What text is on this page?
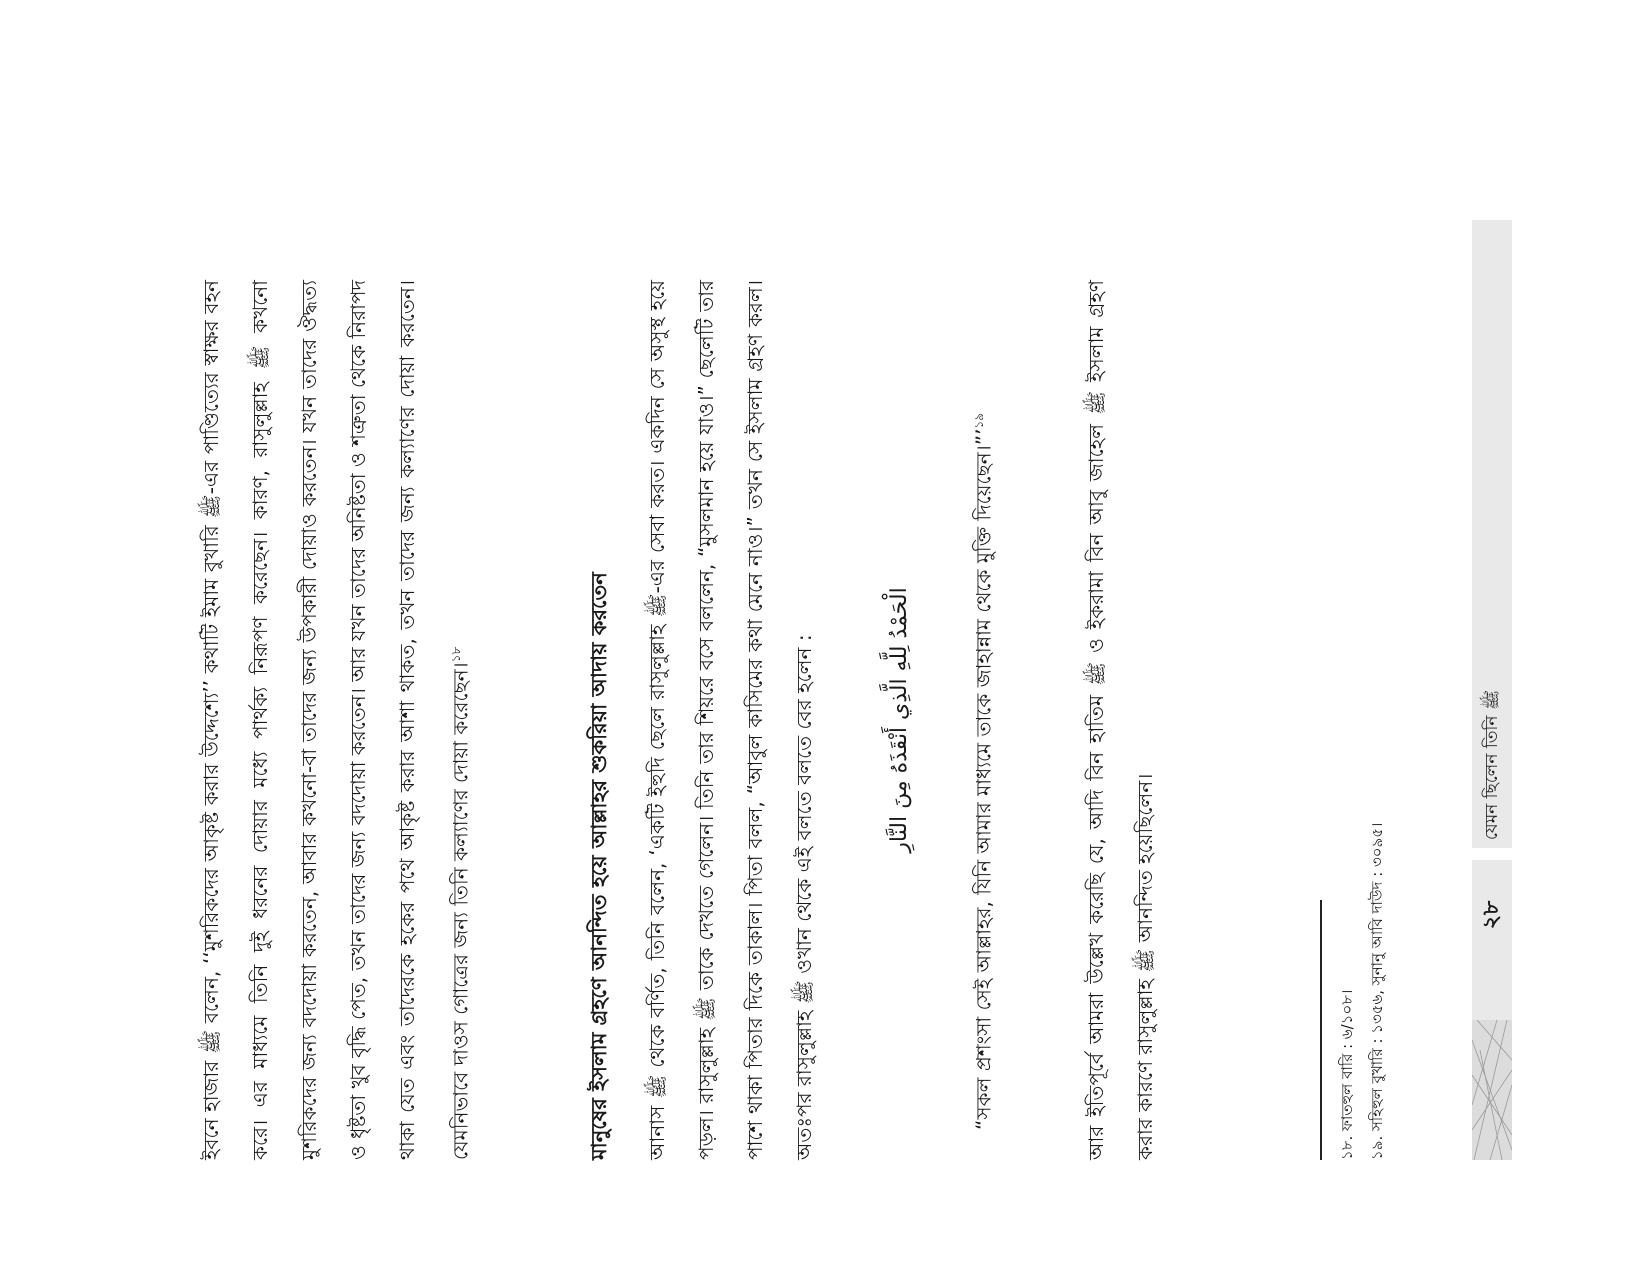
ইবনে হাজার ﷺ বলেন, ‘‘মুশরিকদের আকৃষ্ট করার উদ্দেশ্যে’’ কথাটি ইমাম বুখারি ﷺ-এর পাণ্ডিত্যের স্বাক্ষর বহন করে। এর মাধ্যমে তিনি দুই ধরনের দোয়ার মধ্যে পার্থক্য নিরূপণ করেছেন। কারণ, রাসুলুল্লাহ ﷺ কখনো মুশরিকদের জন্য বদদোয়া করতেন, আবার কখনো-বা তাদের জন্য উপকারী দোয়াও করতেন। যখন তাদের ঔদ্ধত্য ও ধৃষ্টতা খুব বৃদ্ধি পেত, তখন তাদের জন্য বদদোয়া করতেন। আর যখন তাদের অনিষ্টতা ও শত্রুতা থেকে নিরাপদ থাকা যেত এবং তাদেরকে হকের পথে আকৃষ্ট করার আশা থাকত, তখন তাদের জন্য কল্যাণের দোয়া করতেন। যেমনিভাবে দাওস গোত্রের জন্য তিনি কল্যাণের দোয়া করেছেন।$^{১৮}$	মানুষের ইসলাম গ্রহণে আনন্দিত হয়ে আল্লাহর শুকরিয়া আদায় করতেন	আনাস ﷺ থেকে বর্ণিত, তিনি বলেন, ‘একটি ইহুদি ছেলে রাসুলুল্লাহ ﷺ-এর সেবা করত। একদিন সে অসুস্থ হয়ে পড়ল। রাসুলুল্লাহ ﷺ তাকে দেখতে গেলেন। তিনি তার শিয়রে বসে বললেন, “মুসলমান হয়ে যাও।” ছেলেটি তার পাশে থাকা পিতার দিকে তাকাল। পিতা বলল, “আবুল কাসিমের কথা মেনে নাও।” তখন সে ইসলাম গ্রহণ করল। অতঃপর রাসুলুল্লাহ ﷺ ওখান থেকে এই বলতে বলতে বের হলেন :	الْحَمْدُ لِلَّهِ الَّذِي أَنْقَذَهُ مِنَ النَّارِ	“সকল প্রশংসা সেই আল্লাহর, যিনি আমার মাধ্যমে তাকে জাহান্নাম থেকে মুক্তি দিয়েছেন।”’$^{১৯}$
আর ইতিপূর্বে আমরা উল্লেখ করেছি যে, আদি বিন হাতিম ﷺ ও ইকরামা বিন আবু জাহেল ﷺ ইসলাম গ্রহণ করার কারণে রাসুলুল্লাহ ﷺ আনন্দিত হয়েছিলেন।
১৮. ফাতহুল বারি : ৬/১০৮। ১৯. সহিহুল বুখারি : ১৩৫৬, সুনানু আবি দাউদ : ৩০৯৫।	২৮
যেমন ছিলেন তিনি ﷺ
